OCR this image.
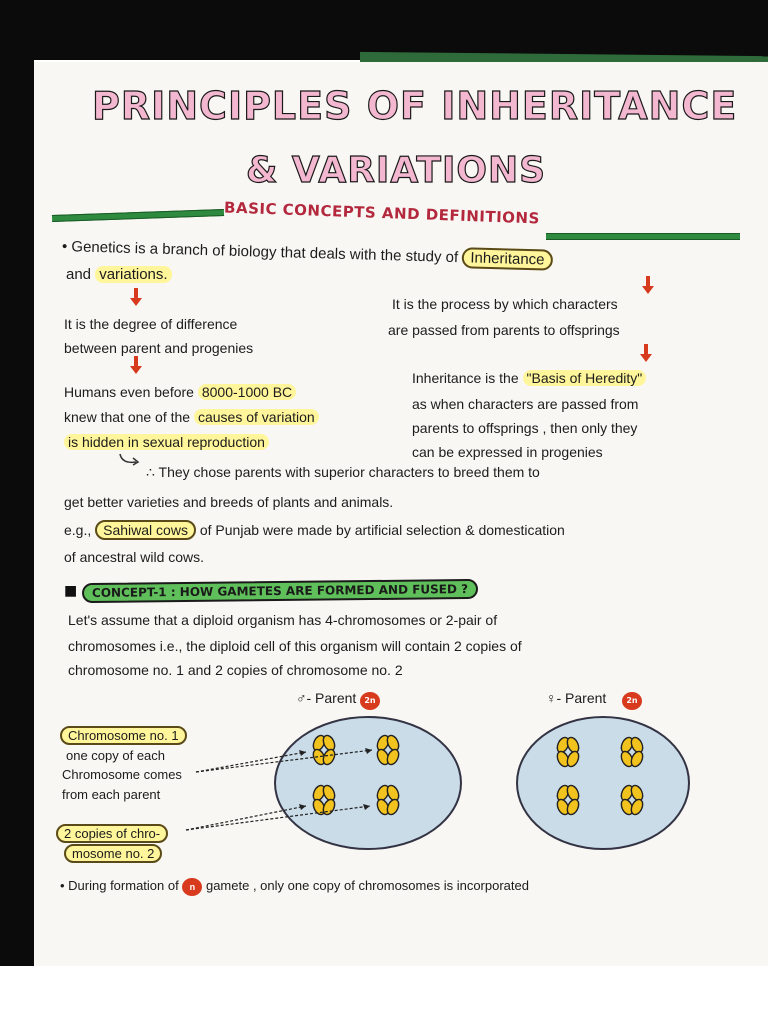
PRINCIPLES OF INHERITANCE
& VARIATIONS
BASIC CONCEPTS AND DEFINITIONS
• Genetics is a branch of biology that deals with the study of Inheritance
and variations.
It is the degree of difference
between parent and progenies
It is the process by which characters
are passed from parents to offsprings
Humans even before 8000-1000 BC
knew that one of the causes of variation
is hidden in sexual reproduction
Inheritance is the "Basis of Heredity"
as when characters are passed from
parents to offsprings , then only they
can be expressed in progenies
∴ They chose parents with superior characters to breed them to
get better varieties and breeds of plants and animals.
e.g., Sahiwal cows of Punjab were made by artificial selection & domestication
of ancestral wild cows.
■ CONCEPT-1 : HOW GAMETES ARE FORMED AND FUSED ?
Let's assume that a diploid organism has 4-chromosomes or 2-pair of
chromosomes i.e., the diploid cell of this organism will contain 2 copies of
chromosome no. 1 and 2 copies of chromosome no. 2
♂- Parent	2n	♀- Parent	2n
Chromosome no. 1
one copy of each
Chromosome comes
from each parent
2 copies of chro-
mosome no. 2
• During formation of n gamete , only one copy of chromosomes is incorporated
